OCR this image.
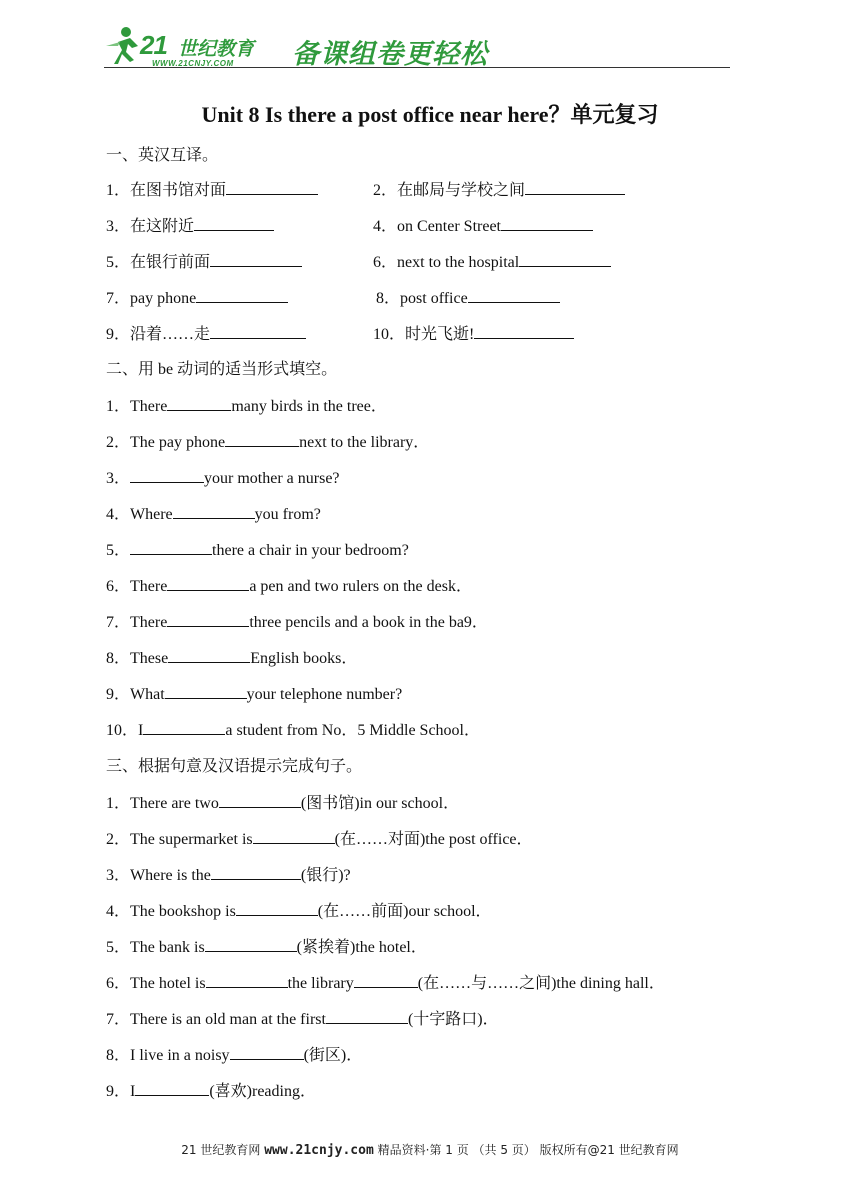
21 世纪教育
WWW.21CNJY.COM 备课组卷更轻松
Unit 8 Is there a post office near here？单元复习
一、英汉互译。
1．在图书馆对面	2．在邮局与学校之间
3．在这附近	4．on Center Street
5．在银行前面	6．next to the hospital
7．pay phone	8．post office
9．沿着……走	10．时光飞逝!
二、用 be 动词的适当形式填空。
1．There	many birds in the tree．
2．The pay phone	next to the library．
3．	your mother a nurse?
4．Where	you from?
5．	there a chair in your bedroom?
6．There	a pen and two rulers on the desk．
7．There	three pencils and a book in the ba9．
8．These	English books．
9．What	your telephone number?
10．I	a student from No．5 Middle School．
三、根据句意及汉语提示完成句子。
1．There are two	(图书馆)in our school．
2．The supermarket is	(在……对面)the post office．
3．Where is the	(银行)?
4．The bookshop is	(在……前面)our school．
5．The bank is	(紧挨着)the hotel．
6．The hotel is	the library	(在……与……之间)the dining hall．
7．There is an old man at the first	(十字路口)．
8．I live in a noisy	(街区)．
9．I	(喜欢)reading．
21 世纪教育网 www.21cnjy.com 精品资料·第 1 页 （共 5 页） 版权所有@21 世纪教育网
